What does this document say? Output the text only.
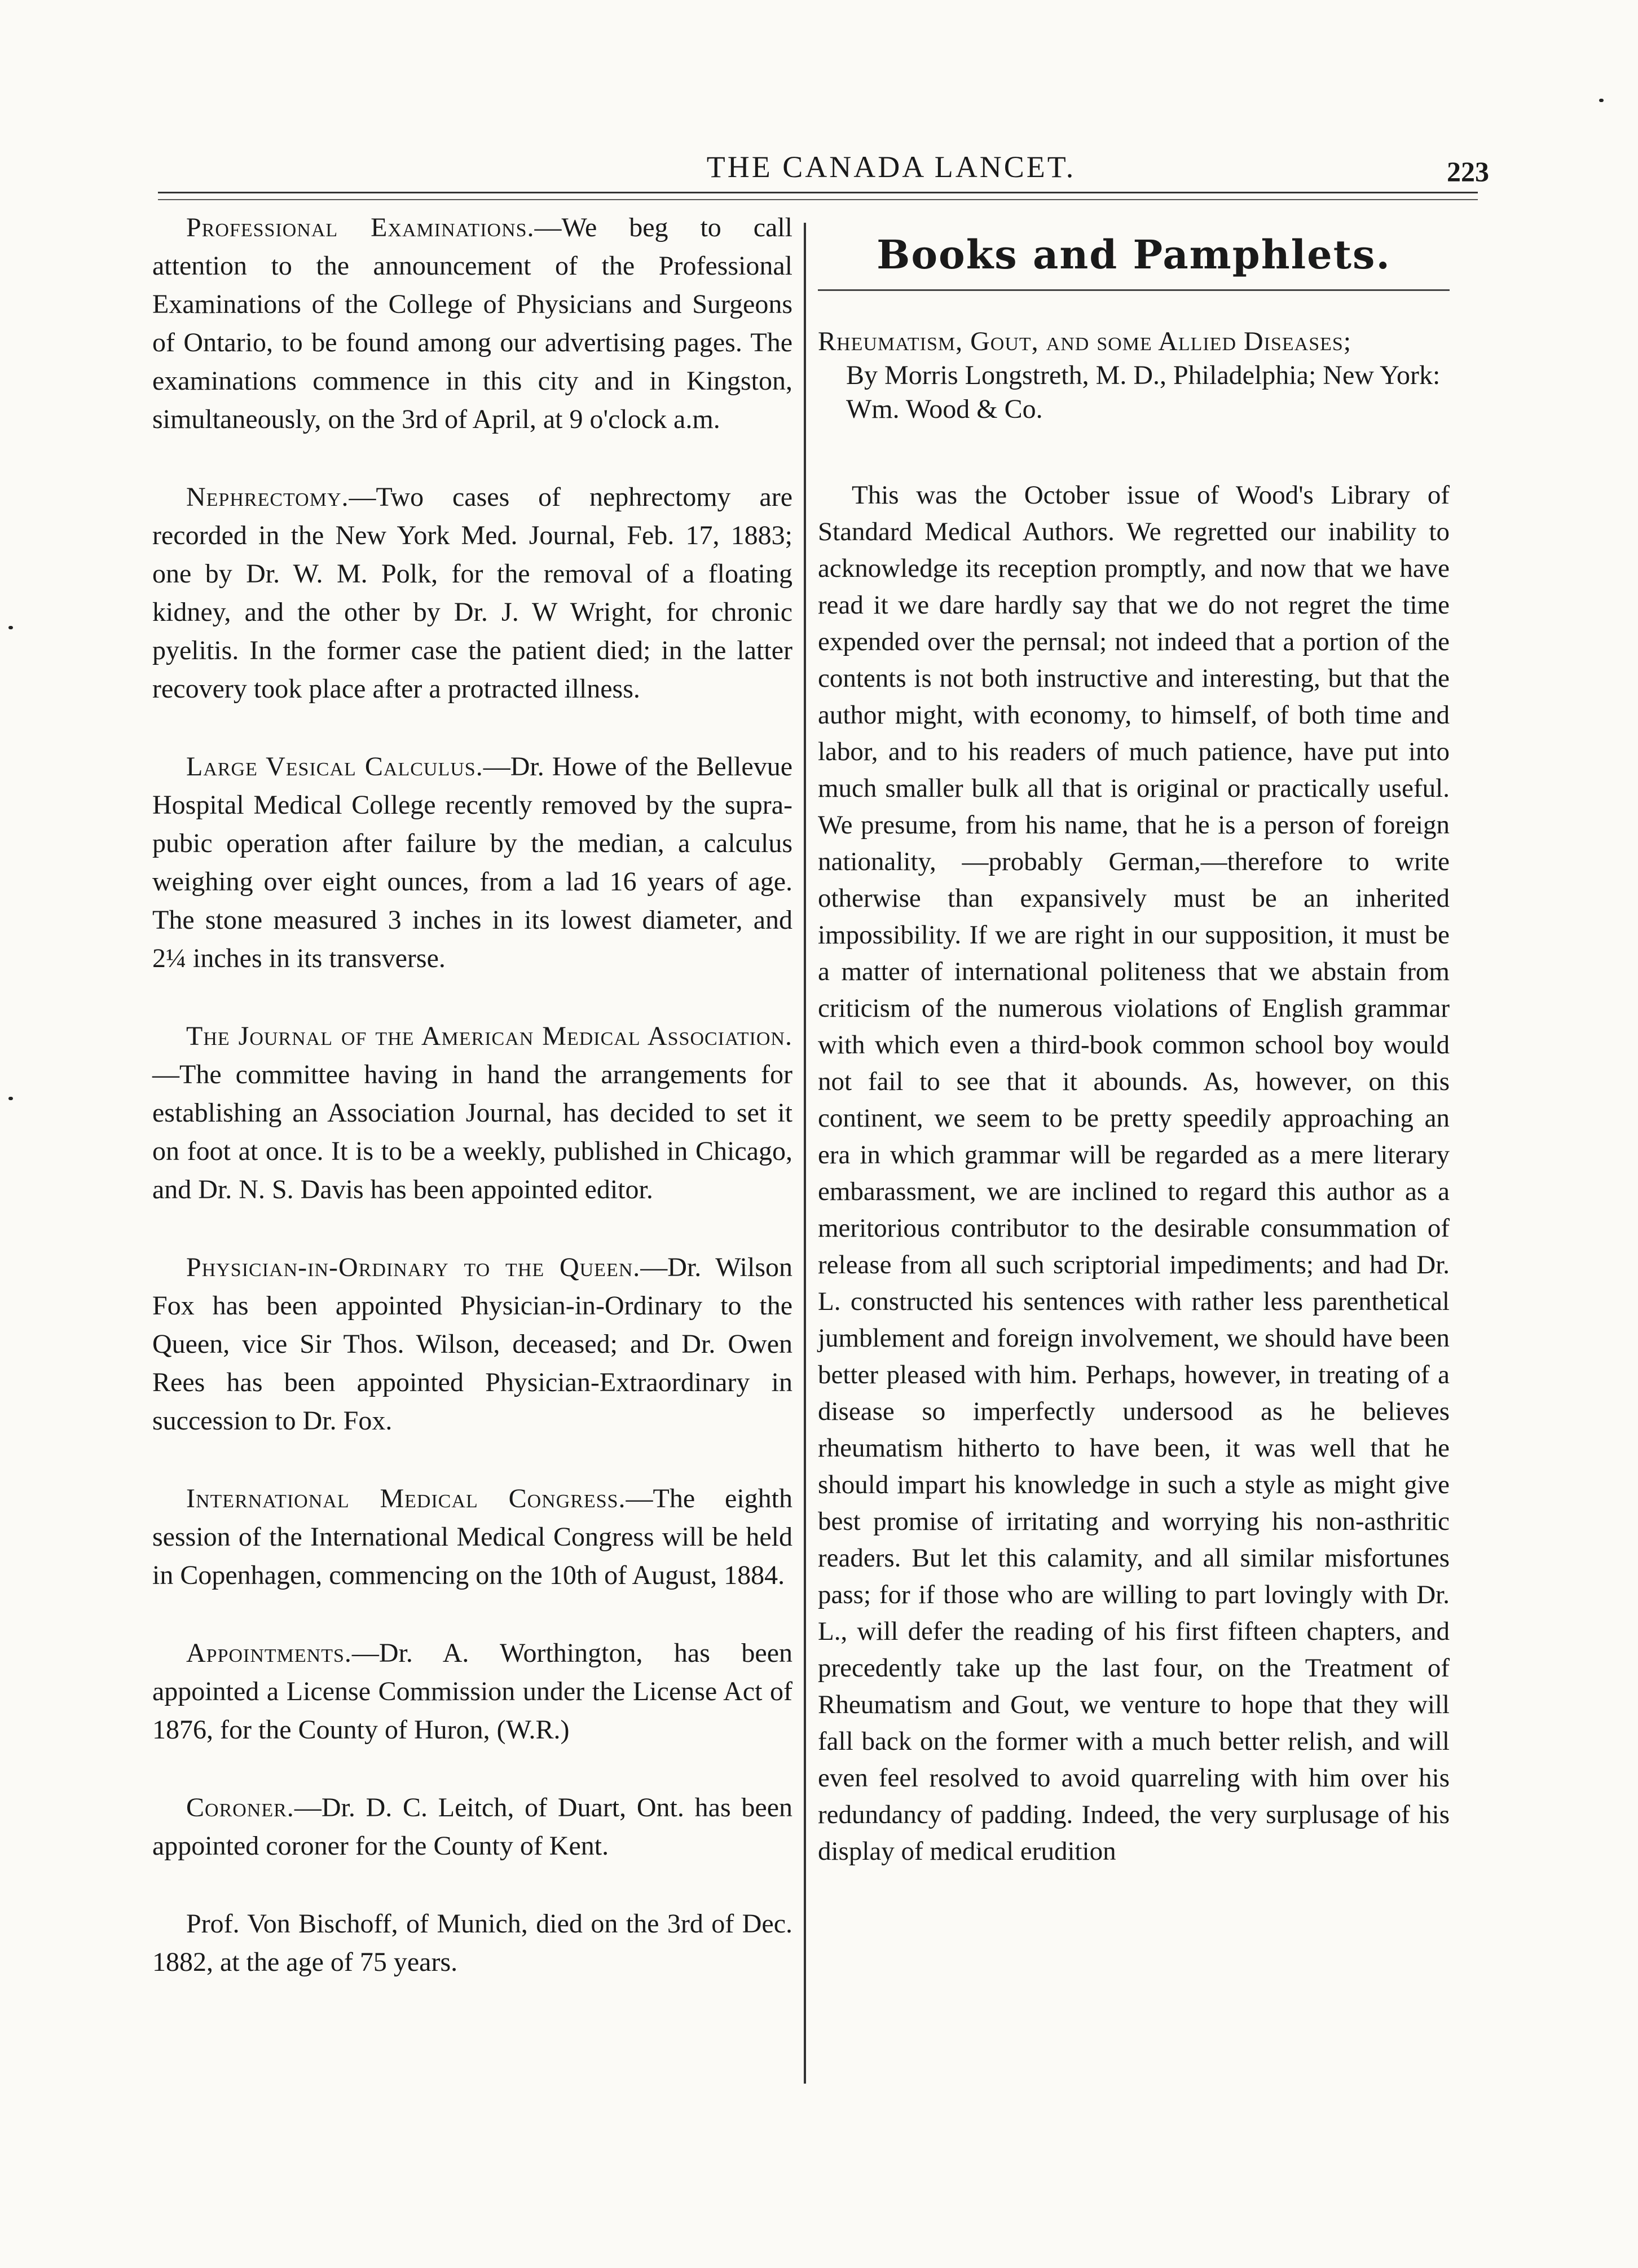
THE CANADA LANCET.	223

Professional Examinations.—We beg to call attention to the announcement of the Professional Examinations of the College of Physicians and Surgeons of Ontario, to be found among our advertising pages. The examinations commence in this city and in Kingston, simultaneously, on the 3rd of April, at 9 o'clock a.m.

Nephrectomy.—Two cases of nephrectomy are recorded in the New York Med. Journal, Feb. 17, 1883; one by Dr. W. M. Polk, for the removal of a floating kidney, and the other by Dr. J. W Wright, for chronic pyelitis. In the former case the patient died; in the latter recovery took place after a protracted illness.

Large Vesical Calculus.—Dr. Howe of the Bellevue Hospital Medical College recently removed by the supra-pubic operation after failure by the median, a calculus weighing over eight ounces, from a lad 16 years of age. The stone measured 3 inches in its lowest diameter, and 2¼ inches in its transverse.

The Journal of the American Medical Association.—The committee having in hand the arrangements for establishing an Association Journal, has decided to set it on foot at once. It is to be a weekly, published in Chicago, and Dr. N. S. Davis has been appointed editor.

Physician-in-Ordinary to the Queen.—Dr. Wilson Fox has been appointed Physician-in-Ordinary to the Queen, vice Sir Thos. Wilson, deceased; and Dr. Owen Rees has been appointed Physician-Extraordinary in succession to Dr. Fox.

International Medical Congress.—The eighth session of the International Medical Congress will be held in Copenhagen, commencing on the 10th of August, 1884.

Appointments.—Dr. A. Worthington, has been appointed a License Commission under the License Act of 1876, for the County of Huron, (W.R.)

Coroner.—Dr. D. C. Leitch, of Duart, Ont. has been appointed coroner for the County of Kent.

Prof. Von Bischoff, of Munich, died on the 3rd of Dec. 1882, at the age of 75 years.

Books and Pamphlets.
Rheumatism, Gout, and some Allied Diseases;
By Morris Longstreth, M. D., Philadelphia; New York: Wm. Wood & Co.

This was the October issue of Wood's Library of Standard Medical Authors. We regretted our inability to acknowledge its reception promptly, and now that we have read it we dare hardly say that we do not regret the time expended over the pernsal; not indeed that a portion of the contents is not both instructive and interesting, but that the author might, with economy, to himself, of both time and labor, and to his readers of much patience, have put into much smaller bulk all that is original or practically useful. We presume, from his name, that he is a person of foreign nationality, —probably German,—therefore to write otherwise than expansively must be an inherited impossibility. If we are right in our supposition, it must be a matter of international politeness that we abstain from criticism of the numerous violations of English grammar with which even a third-book common school boy would not fail to see that it abounds. As, however, on this continent, we seem to be pretty speedily approaching an era in which grammar will be regarded as a mere literary embarassment, we are inclined to regard this author as a meritorious contributor to the desirable consummation of release from all such scriptorial impediments; and had Dr. L. constructed his sentences with rather less parenthetical jumblement and foreign involvement, we should have been better pleased with him. Perhaps, however, in treating of a disease so imperfectly undersood as he believes rheumatism hitherto to have been, it was well that he should impart his knowledge in such a style as might give best promise of irritating and worrying his non-asthritic readers. But let this calamity, and all similar misfortunes pass; for if those who are willing to part lovingly with Dr. L., will defer the reading of his first fifteen chapters, and precedently take up the last four, on the Treatment of Rheumatism and Gout, we venture to hope that they will fall back on the former with a much better relish, and will even feel resolved to avoid quarreling with him over his redundancy of padding. Indeed, the very surplusage of his display of medical erudition
